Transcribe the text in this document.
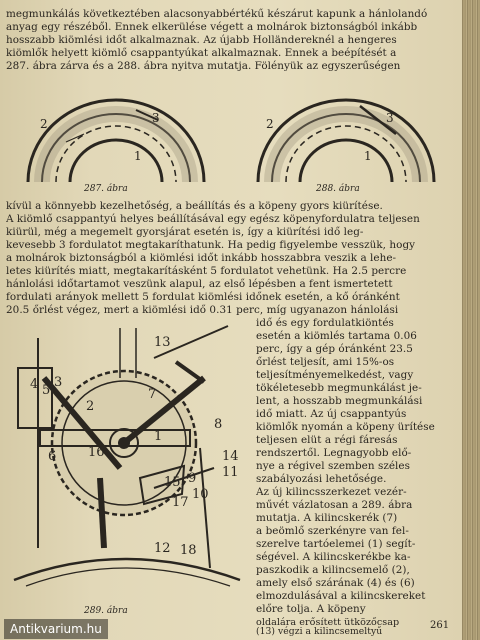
megmunkálás következtében alacsonyabbértékű készárut kapunk a hánlolandó
anyag egy részéből. Ennek elkerülése végett a molnárok biztonságból inkább
hosszabb kiömlési időt alkalmaznak. Az újabb Holländereknél a hengeres
kiömlők helyett kiömlő csappantyúkat alkalmaznak. Ennek a beépítését a
287. ábra zárva és a 288. ábra nyitva mutatja. Fölényük az egyszerűségen
2	3
1
287. ábra
2	3
1
288. ábra
kívül a könnyebb kezelhetőség, a beállítás és a köpeny gyors kiürítése.
A kiömlő csappantyú helyes beállításával egy egész köpenyfordulatra teljesen
kiürül, még a megemelt gyorsjárat esetén is, így a kiürítési idő leg-
kevesebb 3 fordulatot megtakaríthatunk. Ha pedig figyelembe vesszük, hogy
a molnárok biztonságból a kiömlési időt inkább hosszabbra veszik a lehe-
letes kiürítés miatt, megtakarításként 5 fordulatot vehetünk. Ha 2.5 percre
hánlolási időtartamot veszünk alapul, az első lépésben a fent ismertetett
fordulati arányok mellett 5 fordulat kiömlési időnek esetén, a kő óránként
20.5 őrlést végez, mert a kiömlési idő 0.31 perc, míg ugyanazon hánlolási
idő és egy fordulatkiöntés
esetén a kiömlés tartama 0.06
perc, így a gép óránként 23.5
őrlést teljesít, ami 15%-os
teljesítményemelkedést, vagy
tökéletesebb megmunkálást je-
lent, a hosszabb megmunkálási
idő miatt. Az új csappantyús
kiömlők nyomán a köpeny ürítése
teljesen elüt a régi fáresás
rendszertől. Legnagyobb elő-
nye a régivel szemben széles
szabályozási lehetősége.
Az új kilincsszerkezet vezér-
művét vázlatosan a 289. ábra
mutatja. A kilincskerék (7)
a beömlő szerkényre van fel-
szerelve tartóelemei (1) segít-
ségével. A kilincskerékbe ka-
paszkodik a kilincsemelő (2),
amely első szárának (4) és (6)
elmozdulásával a kilincskereket
előre tolja. A köpeny
oldalára erősített ütközőcsap
(13) végzi a kilincsemeltyű
13
4 5
3
2
7
1
16
6
8
9
10
14
11
12 18
15
17
289. ábra
261
Antikvarium.hu
